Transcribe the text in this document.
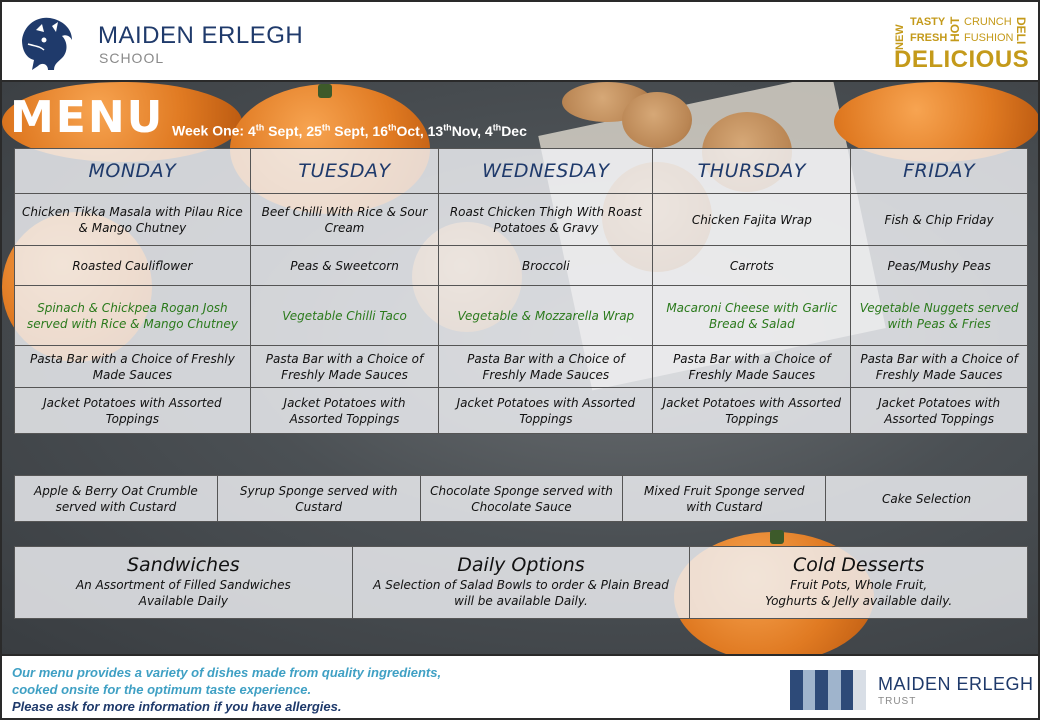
MAIDEN ERLEGH
SCHOOL
NEW
TASTY
FRESH HOT CRUNCH
FUSHION DELI
DELICIOUS
MENU Week One: 4th Sept, 25th Sept, 16thOct, 13thNov, 4thDec
MONDAY	TUESDAY	WEDNESDAY	THURSDAY	FRIDAY
Chicken Tikka Masala with Pilau Rice & Mango Chutney	Beef Chilli With Rice & Sour Cream	Roast Chicken Thigh With Roast Potatoes & Gravy	Chicken Fajita Wrap	Fish & Chip Friday
Roasted Cauliflower	Peas & Sweetcorn	Broccoli	Carrots	Peas/Mushy Peas
Spinach & Chickpea Rogan Josh served with Rice & Mango Chutney	Vegetable Chilli Taco	Vegetable & Mozzarella Wrap	Macaroni Cheese with Garlic Bread & Salad	Vegetable Nuggets served with Peas & Fries
Pasta Bar with a Choice of Freshly Made Sauces	Pasta Bar with a Choice of Freshly Made Sauces	Pasta Bar with a Choice of Freshly Made Sauces	Pasta Bar with a Choice of Freshly Made Sauces	Pasta Bar with a Choice of Freshly Made Sauces
Jacket Potatoes with Assorted Toppings	Jacket Potatoes with Assorted Toppings	Jacket Potatoes with Assorted Toppings	Jacket Potatoes with Assorted Toppings	Jacket Potatoes with Assorted Toppings
Apple & Berry Oat Crumble served with Custard	Syrup Sponge served with Custard	Chocolate Sponge served with Chocolate Sauce	Mixed Fruit Sponge served with Custard	Cake Selection
Sandwiches
An Assortment of Filled Sandwiches
Available Daily

Daily Options
A Selection of Salad Bowls to order & Plain Bread
will be available Daily.

Cold Desserts
Fruit Pots, Whole Fruit,
Yoghurts & Jelly available daily.
Our menu provides a variety of dishes made from quality ingredients,
cooked onsite for the optimum taste experience.
Please ask for more information if you have allergies.
MAIDEN ERLEGH
TRUST
